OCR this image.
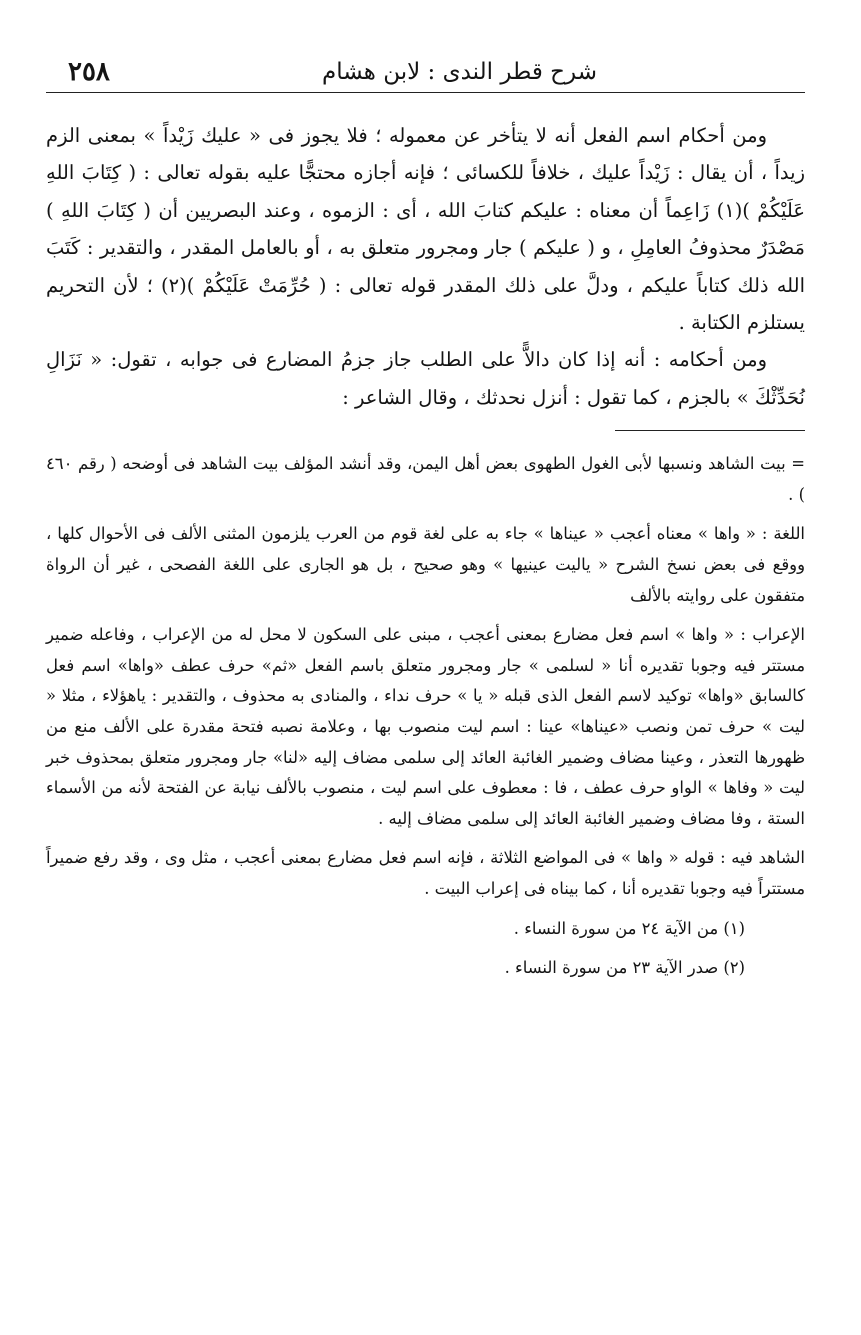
شرح قطر الندى : لابن هشام
٢٥٨

ومن أحكام اسم الفعل أنه لا يتأخر عن معموله ؛ فلا يجوز فى « عليك زَيْداً » بمعنى الزم زيداً ، أن يقال : زَيْداً عليك ، خلافاً للكسائى ؛ فإنه أجازه محتجًّا عليه بقوله تعالى : ( كِتَابَ اللهِ عَلَيْكُمْ )(١) زَاعِماً أن معناه : عليكم كتابَ الله ، أى : الزموه ، وعند البصريين أن ( كِتَابَ اللهِ ) مَصْدَرٌ محذوفُ العامِلِ ، و ( عليكم ) جار ومجرور متعلق به ، أو بالعامل المقدر ، والتقدير : كَتَبَ الله ذلك كتاباً عليكم ، ودلَّ على ذلك المقدر قوله تعالى : ( حُرِّمَتْ عَلَيْكُمْ )(٢) ؛ لأن التحريم يستلزم الكتابة .

ومن أحكامه : أنه إذا كان دالاًّ على الطلب جاز جزمُ المضارع فى جوابه ، تقول: « نَزَالِ نُحَدِّثْكَ » بالجزم ، كما تقول : أنزل نحدثك ، وقال الشاعر :

= بيت الشاهد ونسبها لأبى الغول الطهوى بعض أهل اليمن، وقد أنشد المؤلف بيت الشاهد فى أوضحه ( رقم ٤٦٠ ) .

اللغة : « واها » معناه أعجب « عيناها » جاء به على لغة قوم من العرب يلزمون المثنى الألف فى الأحوال كلها ، ووقع فى بعض نسخ الشرح « ياليت عينيها » وهو صحيح ، بل هو الجارى على اللغة الفصحى ، غير أن الرواة متفقون على روايته بالألف

الإعراب : « واها » اسم فعل مضارع بمعنى أعجب ، مبنى على السكون لا محل له من الإعراب ، وفاعله ضمير مستتر فيه وجوبا تقديره أنا « لسلمى » جار ومجرور متعلق باسم الفعل «ثم» حرف عطف «واها» اسم فعل كالسابق «واها» توكيد لاسم الفعل الذى قبله « يا » حرف نداء ، والمنادى به محذوف ، والتقدير : ياهؤلاء ، مثلا « ليت » حرف تمن ونصب «عيناها» عينا : اسم ليت منصوب بها ، وعلامة نصبه فتحة مقدرة على الألف منع من ظهورها التعذر ، وعينا مضاف وضمير الغائبة العائد إلى سلمى مضاف إليه «لنا» جار ومجرور متعلق بمحذوف خبر ليت « وفاها » الواو حرف عطف ، فا : معطوف على اسم ليت ، منصوب بالألف نيابة عن الفتحة لأنه من الأسماء الستة ، وفا مضاف وضمير الغائبة العائد إلى سلمى مضاف إليه .

الشاهد فيه : قوله « واها » فى المواضع الثلاثة ، فإنه اسم فعل مضارع بمعنى أعجب ، مثل وى ، وقد رفع ضميراً مستتراً فيه وجوبا تقديره أنا ، كما بيناه فى إعراب البيت .

(١) من الآية ٢٤ من سورة النساء .

(٢) صدر الآية ٢٣ من سورة النساء .
